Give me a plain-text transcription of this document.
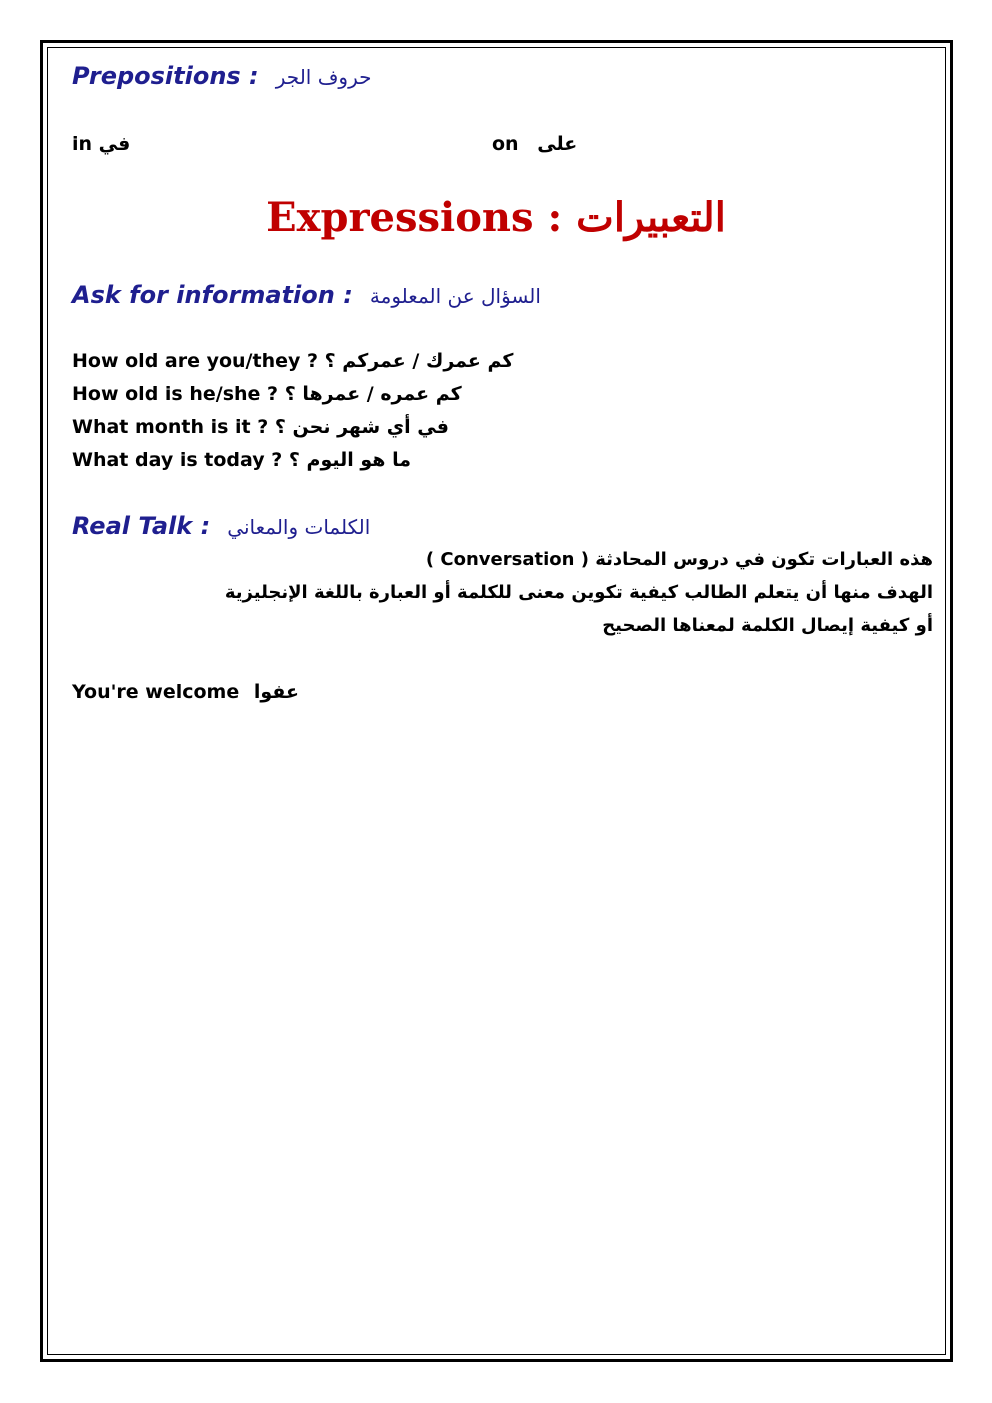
Prepositions : حروف الجر
in في	on على
Expressions : التعبيرات
Ask for information : السؤال عن المعلومة
How old are you/they ? كم عمرك / عمركم ؟
How old is he/she ? كم عمره / عمرها ؟
What month is it ? في أي شهر نحن ؟
What day is today ? ما هو اليوم ؟
Real Talk : الكلمات والمعاني
هذه العبارات تكون في دروس المحادثة ( Conversation )
الهدف منها أن يتعلم الطالب كيفية تكوين معنى للكلمة أو العبارة باللغة الإنجليزية
أو كيفية إيصال الكلمة لمعناها الصحيح
You're welcome عفوا
